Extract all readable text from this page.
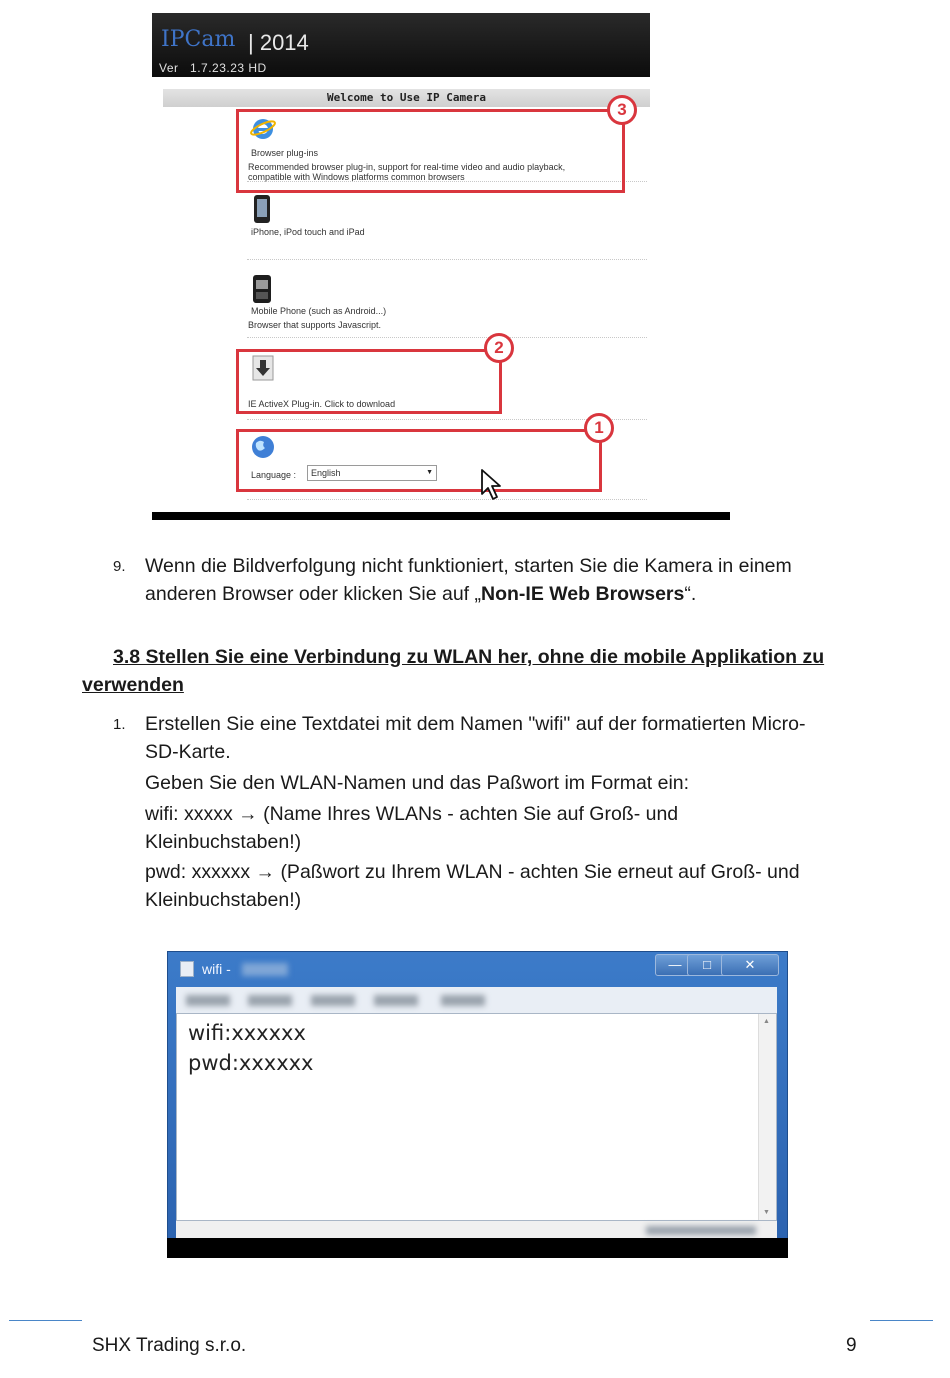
IPCam | 2014
Ver   1.7.23.23 HD
Welcome to Use IP Camera
Browser plug-ins
Recommended browser plug-in, support for real-time video and audio playback,
compatible with Windows platforms common browsers
iPhone, iPod touch and iPad
Mobile Phone (such as Android...)
Browser that supports Javascript.
IE ActiveX Plug-in. Click to download
Language : English	▼
3
2
1
9. Wenn die Bildverfolgung nicht funktioniert, starten Sie die Kamera in einem
anderen Browser oder klicken Sie auf „Non-IE Web Browsers“.
3.8 Stellen Sie eine Verbindung zu WLAN her, ohne die mobile Applikation zu verwenden
1. Erstellen Sie eine Textdatei mit dem Namen "wifi" auf der formatierten Micro-
SD-Karte.
Geben Sie den WLAN-Namen und das Paßwort im Format ein:
wifi: xxxxx → (Name Ihres WLANs - achten Sie auf Groß- und
Kleinbuchstaben!)
pwd: xxxxxx → (Paßwort zu Ihrem WLAN - achten Sie erneut auf Groß- und
Kleinbuchstaben!)
wifi -	—	□	✕
wifi:xxxxxx
pwd:xxxxxx
▲
▼
SHX Trading s.r.o.	9
